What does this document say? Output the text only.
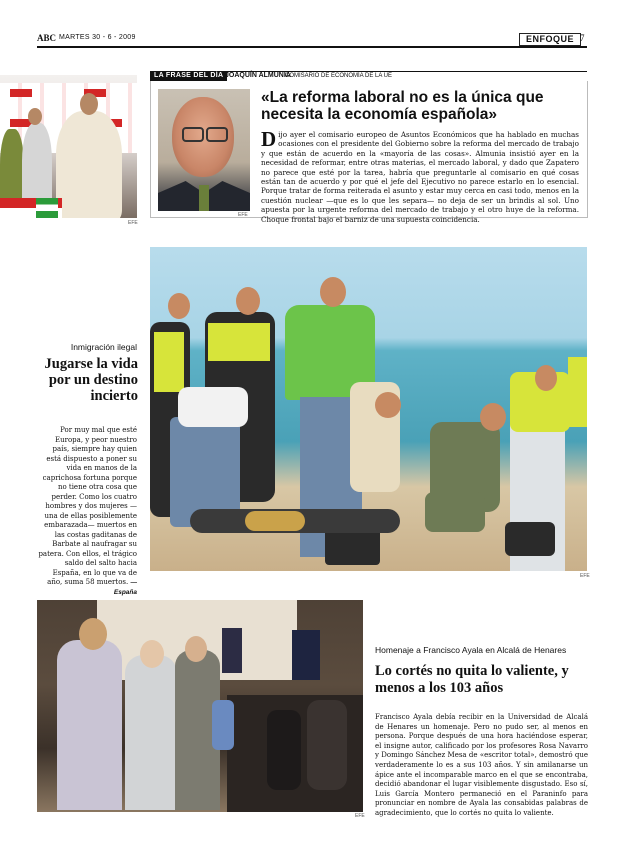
ABC MARTES 30 - 6 - 2009	ENFOQUE 7
EFE
LA FRASE DEL DÍA JOAQUÍN ALMUNIA
COMISARIO DE ECONOMÍA DE LA UE
«La reforma laboral no es la única que necesita la economía española»
Dijo ayer el comisario europeo de Asuntos Económicos que ha hablado en muchas ocasiones con el presidente del Gobierno sobre la reforma del mercado de trabajo y que están de acuerdo en la «mayoría de las cosas». Almunia insistió ayer en la necesidad de reformar, entre otras materias, el mercado laboral, y dado que Zapatero no parece que esté por la tarea, habría que preguntarle al comisario en qué cosas están tan de acuerdo y por qué el jefe del Ejecutivo no parece estarlo en lo esencial. Porque tratar de forma reiterada el asunto y estar muy cerca en casi todo, menos en la cuestión nuclear —que es lo que les separa— no deja de ser un brindis al sol. Uno apuesta por la urgente reforma del mercado de trabajo y el otro huye de la reforma. Choque frontal bajo el barniz de una supuesta coincidencia.
Inmigración ilegal
Jugarse la vida por un destino incierto
Por muy mal que esté Europa, y peor nuestro país, siempre hay quien está dispuesto a poner su vida en manos de la caprichosa fortuna porque no tiene otra cosa que perder. Como los cuatro hombres y dos mujeres —una de ellas posiblemente embarazada— muertos en las costas gaditanas de Barbate al naufragar su patera. Con ellos, el trágico saldo del salto hacia España, en lo que va de año, suma 58 muertos. — España
EFE
EFE
EFE
Homenaje a Francisco Ayala en Alcalá de Henares
Lo cortés no quita lo valiente, y menos a los 103 años
Francisco Ayala debía recibir en la Universidad de Alcalá de Henares un homenaje. Pero no pudo ser, al menos en persona. Porque después de una hora haciéndose esperar, el insigne autor, calificado por los profesores Rosa Navarro y Domingo Sánchez Mesa de «escritor total», demostró que verdaderamente lo es a sus 103 años. Y sin amilanarse un ápice ante el incomparable marco en el que se encontraba, decidió abandonar el lugar visiblemente disgustado. Eso sí, Luis García Montero permaneció en el Paraninfo para pronunciar en nombre de Ayala las consabidas palabras de agradecimiento, que lo cortés no quita lo valiente.
